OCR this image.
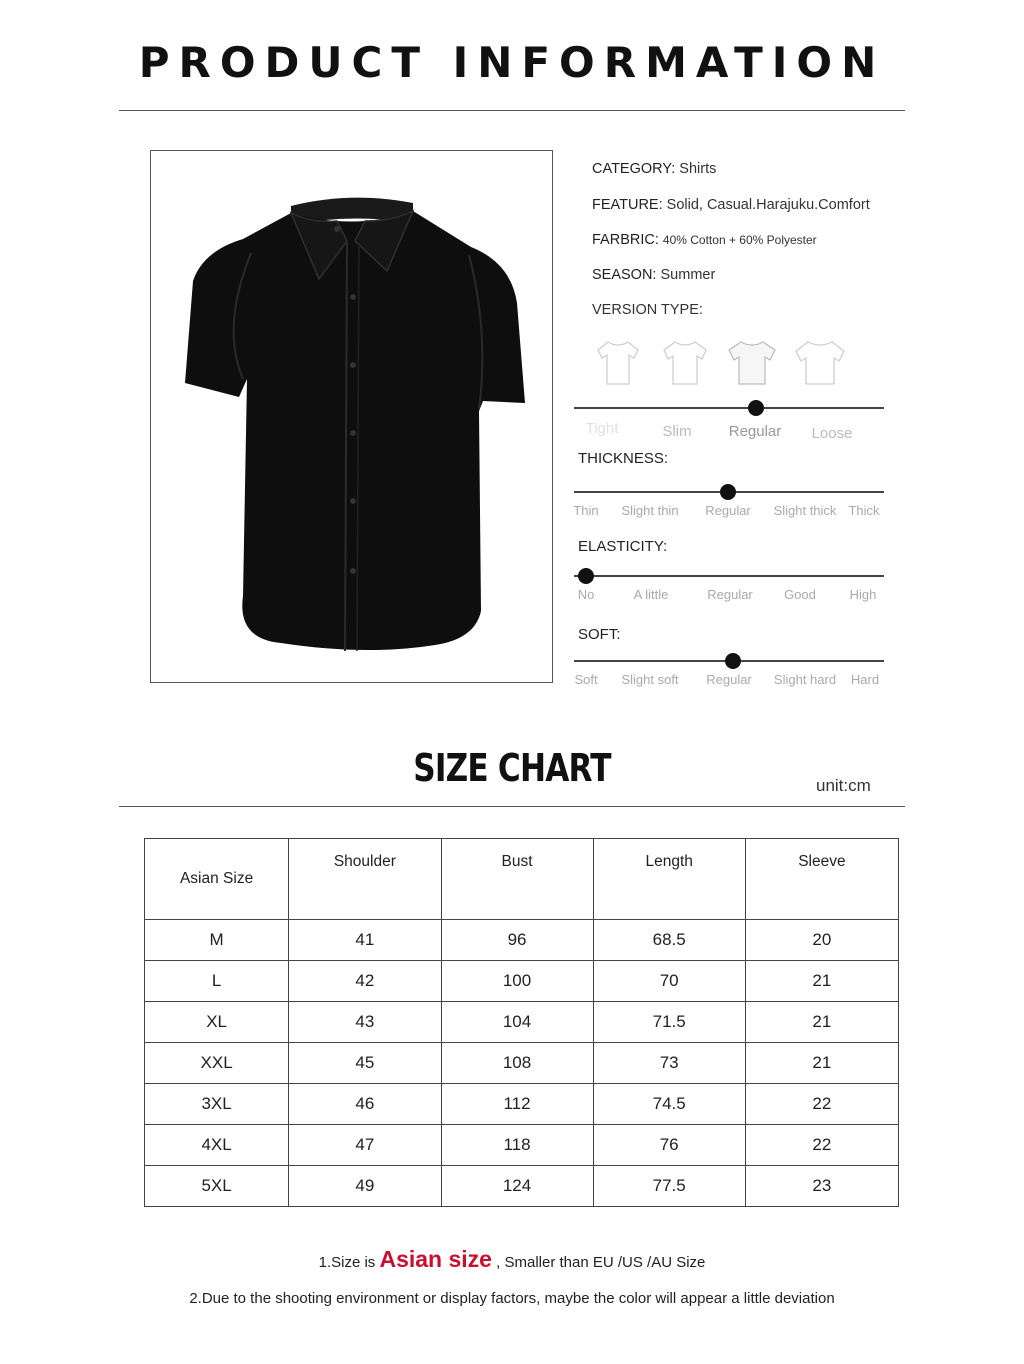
PRODUCT INFORMATION
CATEGORY: Shirts
FEATURE: Solid, Casual.Harajuku.Comfort
FARBRIC: 40% Cotton + 60% Polyester
SEASON: Summer
VERSION TYPE:
Tight	Slim Regular Loose
THICKNESS:
Thin Slight thin Regular Slight thick Thick
ELASTICITY:
No	A little	Regular Good	High
SOFT:
Soft Slight soft Regular Slight hard Hard
SIZE CHART	unit:cm
Asian Size	Shoulder	Bust	Length	Sleeve
M	41	96	68.5	20
L	42	100	70	21
XL	43	104	71.5	21
XXL	45	108	73	21
3XL	46	112	74.5	22
4XL	47	118	76	22
5XL	49	124	77.5	23
1.Size is Asian size , Smaller than EU /US /AU Size
2.Due to the shooting environment or display factors, maybe the color will appear a little deviation
